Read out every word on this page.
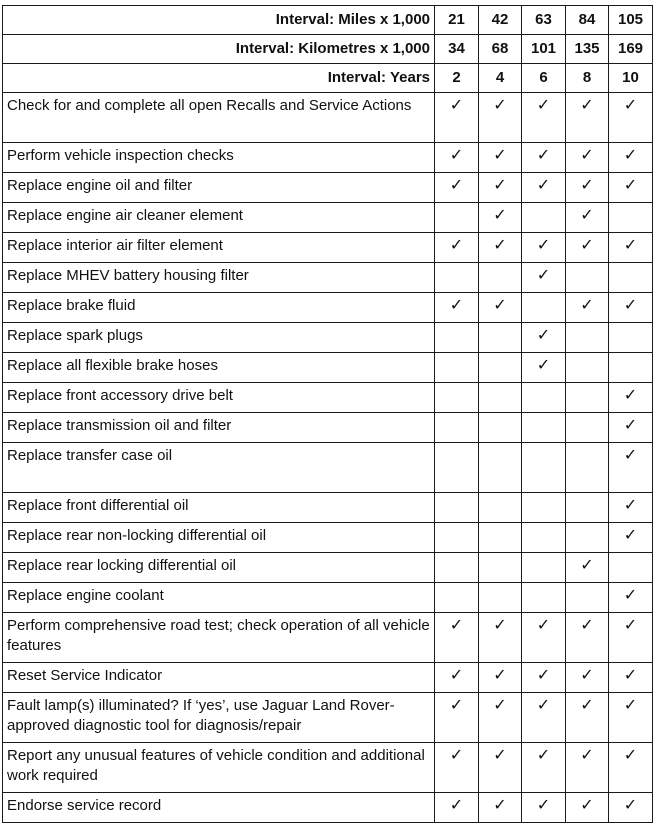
Interval: Miles x 1,000	21	42	63	84	105
Interval: Kilometres x 1,000	34	68	101	135	169
Interval: Years	2	4	6	8	10
Check for and complete all open Recalls and Service Actions	✓	✓	✓	✓	✓
Perform vehicle inspection checks	✓	✓	✓	✓	✓
Replace engine oil and filter	✓	✓	✓	✓	✓
Replace engine air cleaner element		✓		✓	
Replace interior air filter element	✓	✓	✓	✓	✓
Replace MHEV battery housing filter			✓		
Replace brake fluid	✓	✓		✓	✓
Replace spark plugs			✓		
Replace all flexible brake hoses			✓		
Replace front accessory drive belt					✓
Replace transmission oil and filter					✓
Replace transfer case oil					✓
Replace front differential oil					✓
Replace rear non-locking differential oil					✓
Replace rear locking differential oil				✓	
Replace engine coolant					✓
Perform comprehensive road test; check operation of all vehicle features	✓	✓	✓	✓	✓
Reset Service Indicator	✓	✓	✓	✓	✓
Fault lamp(s) illuminated? If ‘yes’, use Jaguar Land Rover-approved diagnostic tool for diagnosis/repair	✓	✓	✓	✓	✓
Report any unusual features of vehicle condition and additional work required	✓	✓	✓	✓	✓
Endorse service record	✓	✓	✓	✓	✓
